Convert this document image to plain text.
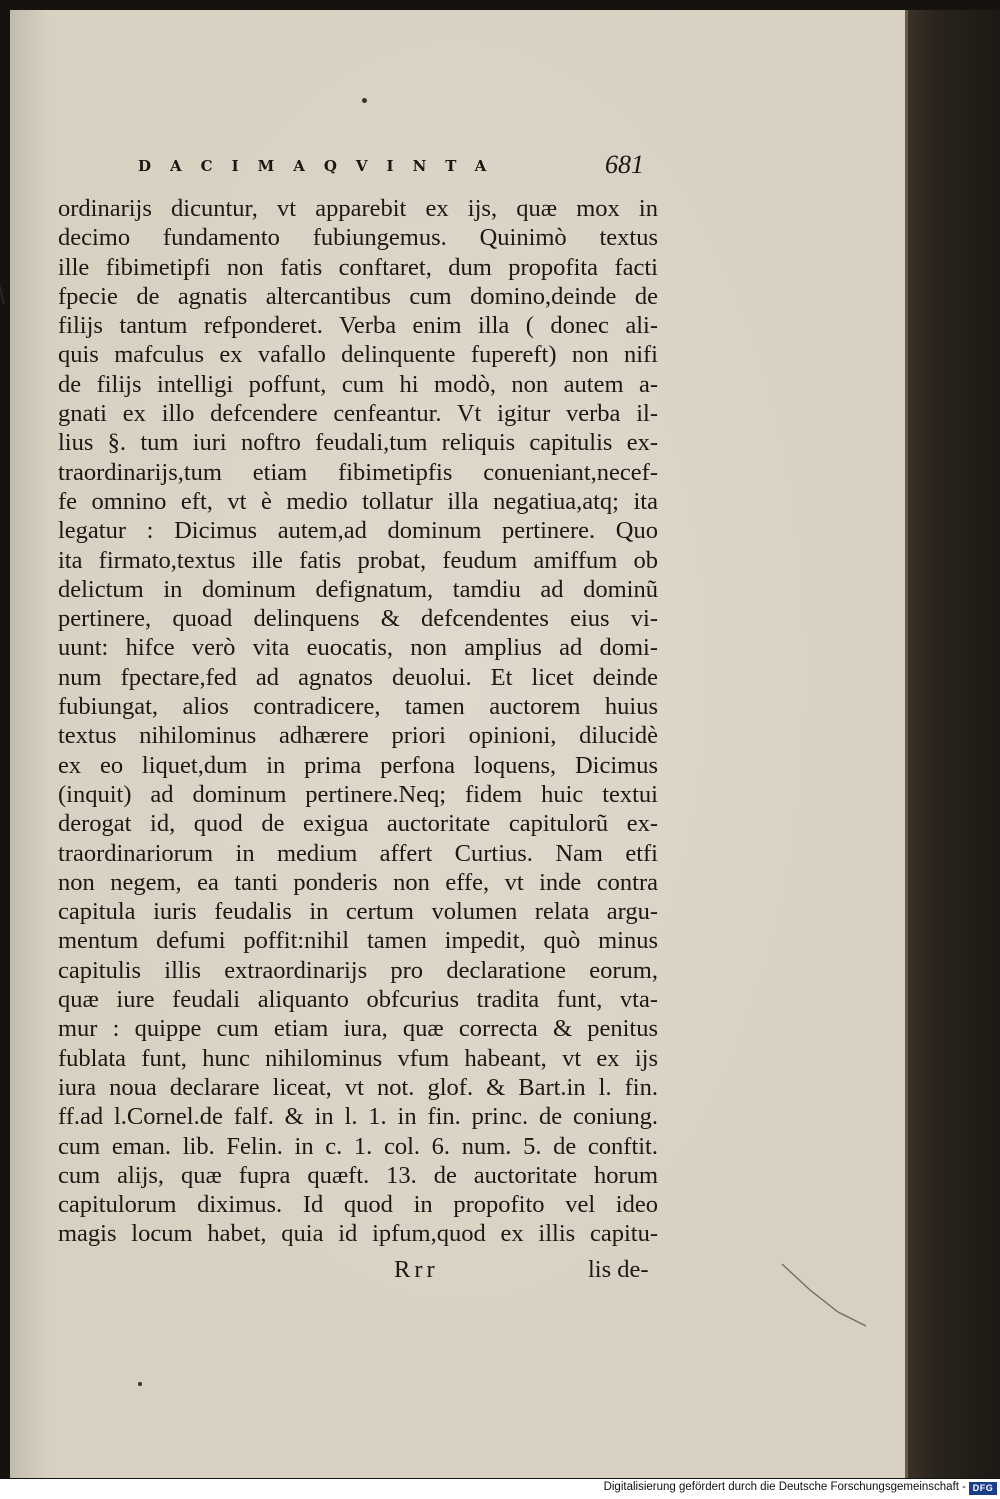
DACIMAQVINTA	681
ordinarijs dicuntur, vt apparebit ex ijs, quæ mox in
decimo fundamento fubiungemus. Quinimò textus
ille fibimetipfi non fatis conftaret, dum propofita facti
fpecie de agnatis altercantibus cum domino,deinde de
filijs tantum refponderet. Verba enim illa ( donec ali-
quis mafculus ex vafallo delinquente fupereft) non nifi
de filijs intelligi poffunt, cum hi modò, non autem a-
gnati ex illo defcendere cenfeantur. Vt igitur verba il-
lius §. tum iuri noftro feudali,tum reliquis capitulis ex-
traordinarijs,tum etiam fibimetipfis conueniant,necef-
fe omnino eft, vt è medio tollatur illa negatiua,atq; ita
legatur : Dicimus autem,ad dominum pertinere. Quo
ita firmato,textus ille fatis probat, feudum amiffum ob
delictum in dominum defignatum, tamdiu ad dominũ
pertinere, quoad delinquens & defcendentes eius vi-
uunt: hifce verò vita euocatis, non amplius ad domi-
num fpectare,fed ad agnatos deuolui. Et licet deinde
fubiungat, alios contradicere, tamen auctorem huius
textus nihilominus adhærere priori opinioni, dilucidè
ex eo liquet,dum in prima perfona loquens, Dicimus
(inquit) ad dominum pertinere.Neq; fidem huic textui
derogat id, quod de exigua auctoritate capitulorũ ex-
traordinariorum in medium affert Curtius. Nam etfi
non negem, ea tanti ponderis non effe, vt inde contra
capitula iuris feudalis in certum volumen relata argu-
mentum defumi poffit:nihil tamen impedit, quò minus
capitulis illis extraordinarijs pro declaratione eorum,
quæ iure feudali aliquanto obfcurius tradita funt, vta-
mur : quippe cum etiam iura, quæ correcta & penitus
fublata funt, hunc nihilominus vfum habeant, vt ex ijs
iura noua declarare liceat, vt not. glof. & Bart.in l. fin.
ff.ad l.Cornel.de falf. & in l. 1. in fin. princ. de coniung.
cum eman. lib. Felin. in c. 1. col. 6. num. 5. de conftit.
cum alijs, quæ fupra quæft. 13. de auctoritate horum
capitulorum diximus. Id quod in propofito vel ideo
magis locum habet, quia id ipfum,quod ex illis capitu-
Rrr	lis de-
Digitalisierung gefördert durch die Deutsche Forschungsgemeinschaft - DFG
